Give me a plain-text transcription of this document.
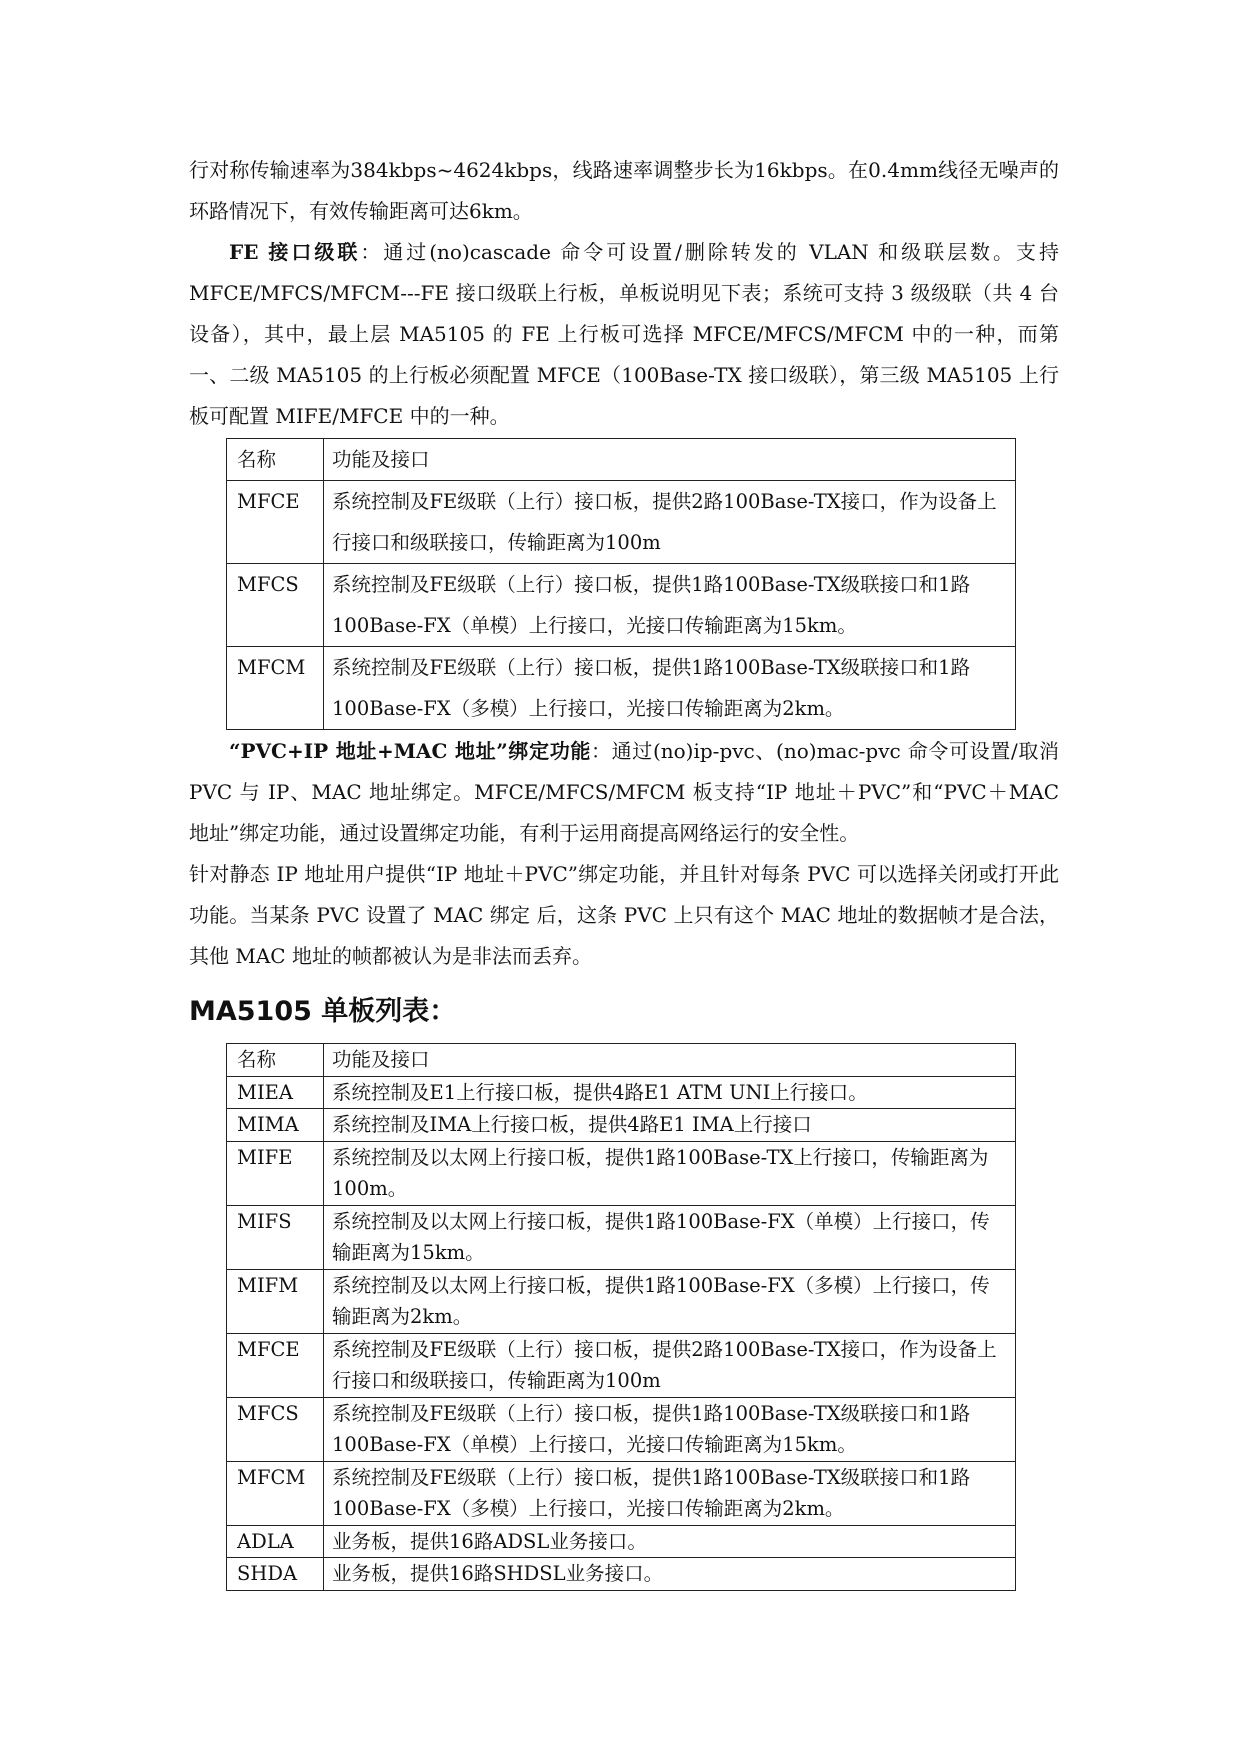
行对称传输速率为384kbps~4624kbps，线路速率调整步长为16kbps。在0.4mm线径无噪声的环路情况下，有效传输距离可达6km。

FE 接口级联：通过(no)cascade 命令可设置/删除转发的 VLAN 和级联层数。支持 MFCE/MFCS/MFCM---FE 接口级联上行板，单板说明见下表；系统可支持 3 级级联（共 4 台设备），其中，最上层 MA5105 的 FE 上行板可选择 MFCE/MFCS/MFCM 中的一种，而第一、二级 MA5105 的上行板必须配置 MFCE（100Base-TX 接口级联），第三级 MA5105 上行板可配置 MIFE/MFCE 中的一种。

名称	功能及接口
MFCE	系统控制及FE级联（上行）接口板，提供2路100Base-TX接口，作为设备上行接口和级联接口，传输距离为100m
MFCS	系统控制及FE级联（上行）接口板，提供1路100Base-TX级联接口和1路100Base-FX（单模）上行接口，光接口传输距离为15km。
MFCM	系统控制及FE级联（上行）接口板，提供1路100Base-TX级联接口和1路100Base-FX（多模）上行接口，光接口传输距离为2km。

“PVC+IP 地址+MAC 地址”绑定功能：通过(no)ip-pvc、(no)mac-pvc 命令可设置/取消 PVC 与 IP、MAC 地址绑定。MFCE/MFCS/MFCM 板支持“IP 地址＋PVC”和“PVC＋MAC 地址”绑定功能，通过设置绑定功能，有利于运用商提高网络运行的安全性。

针对静态 IP 地址用户提供“IP 地址＋PVC”绑定功能，并且针对每条 PVC 可以选择关闭或打开此功能。当某条 PVC 设置了 MAC 绑定 后，这条 PVC 上只有这个 MAC 地址的数据帧才是合法，其他 MAC 地址的帧都被认为是非法而丢弃。

MA5105 单板列表：
名称	功能及接口
MIEA	系统控制及E1上行接口板，提供4路E1 ATM UNI上行接口。
MIMA	系统控制及IMA上行接口板，提供4路E1 IMA上行接口
MIFE	系统控制及以太网上行接口板，提供1路100Base-TX上行接口，传输距离为100m。
MIFS	系统控制及以太网上行接口板，提供1路100Base-FX（单模）上行接口，传输距离为15km。
MIFM	系统控制及以太网上行接口板，提供1路100Base-FX（多模）上行接口，传输距离为2km。
MFCE	系统控制及FE级联（上行）接口板，提供2路100Base-TX接口，作为设备上行接口和级联接口，传输距离为100m
MFCS	系统控制及FE级联（上行）接口板，提供1路100Base-TX级联接口和1路100Base-FX（单模）上行接口，光接口传输距离为15km。
MFCM	系统控制及FE级联（上行）接口板，提供1路100Base-TX级联接口和1路100Base-FX（多模）上行接口，光接口传输距离为2km。
ADLA	业务板，提供16路ADSL业务接口。
SHDA	业务板，提供16路SHDSL业务接口。
